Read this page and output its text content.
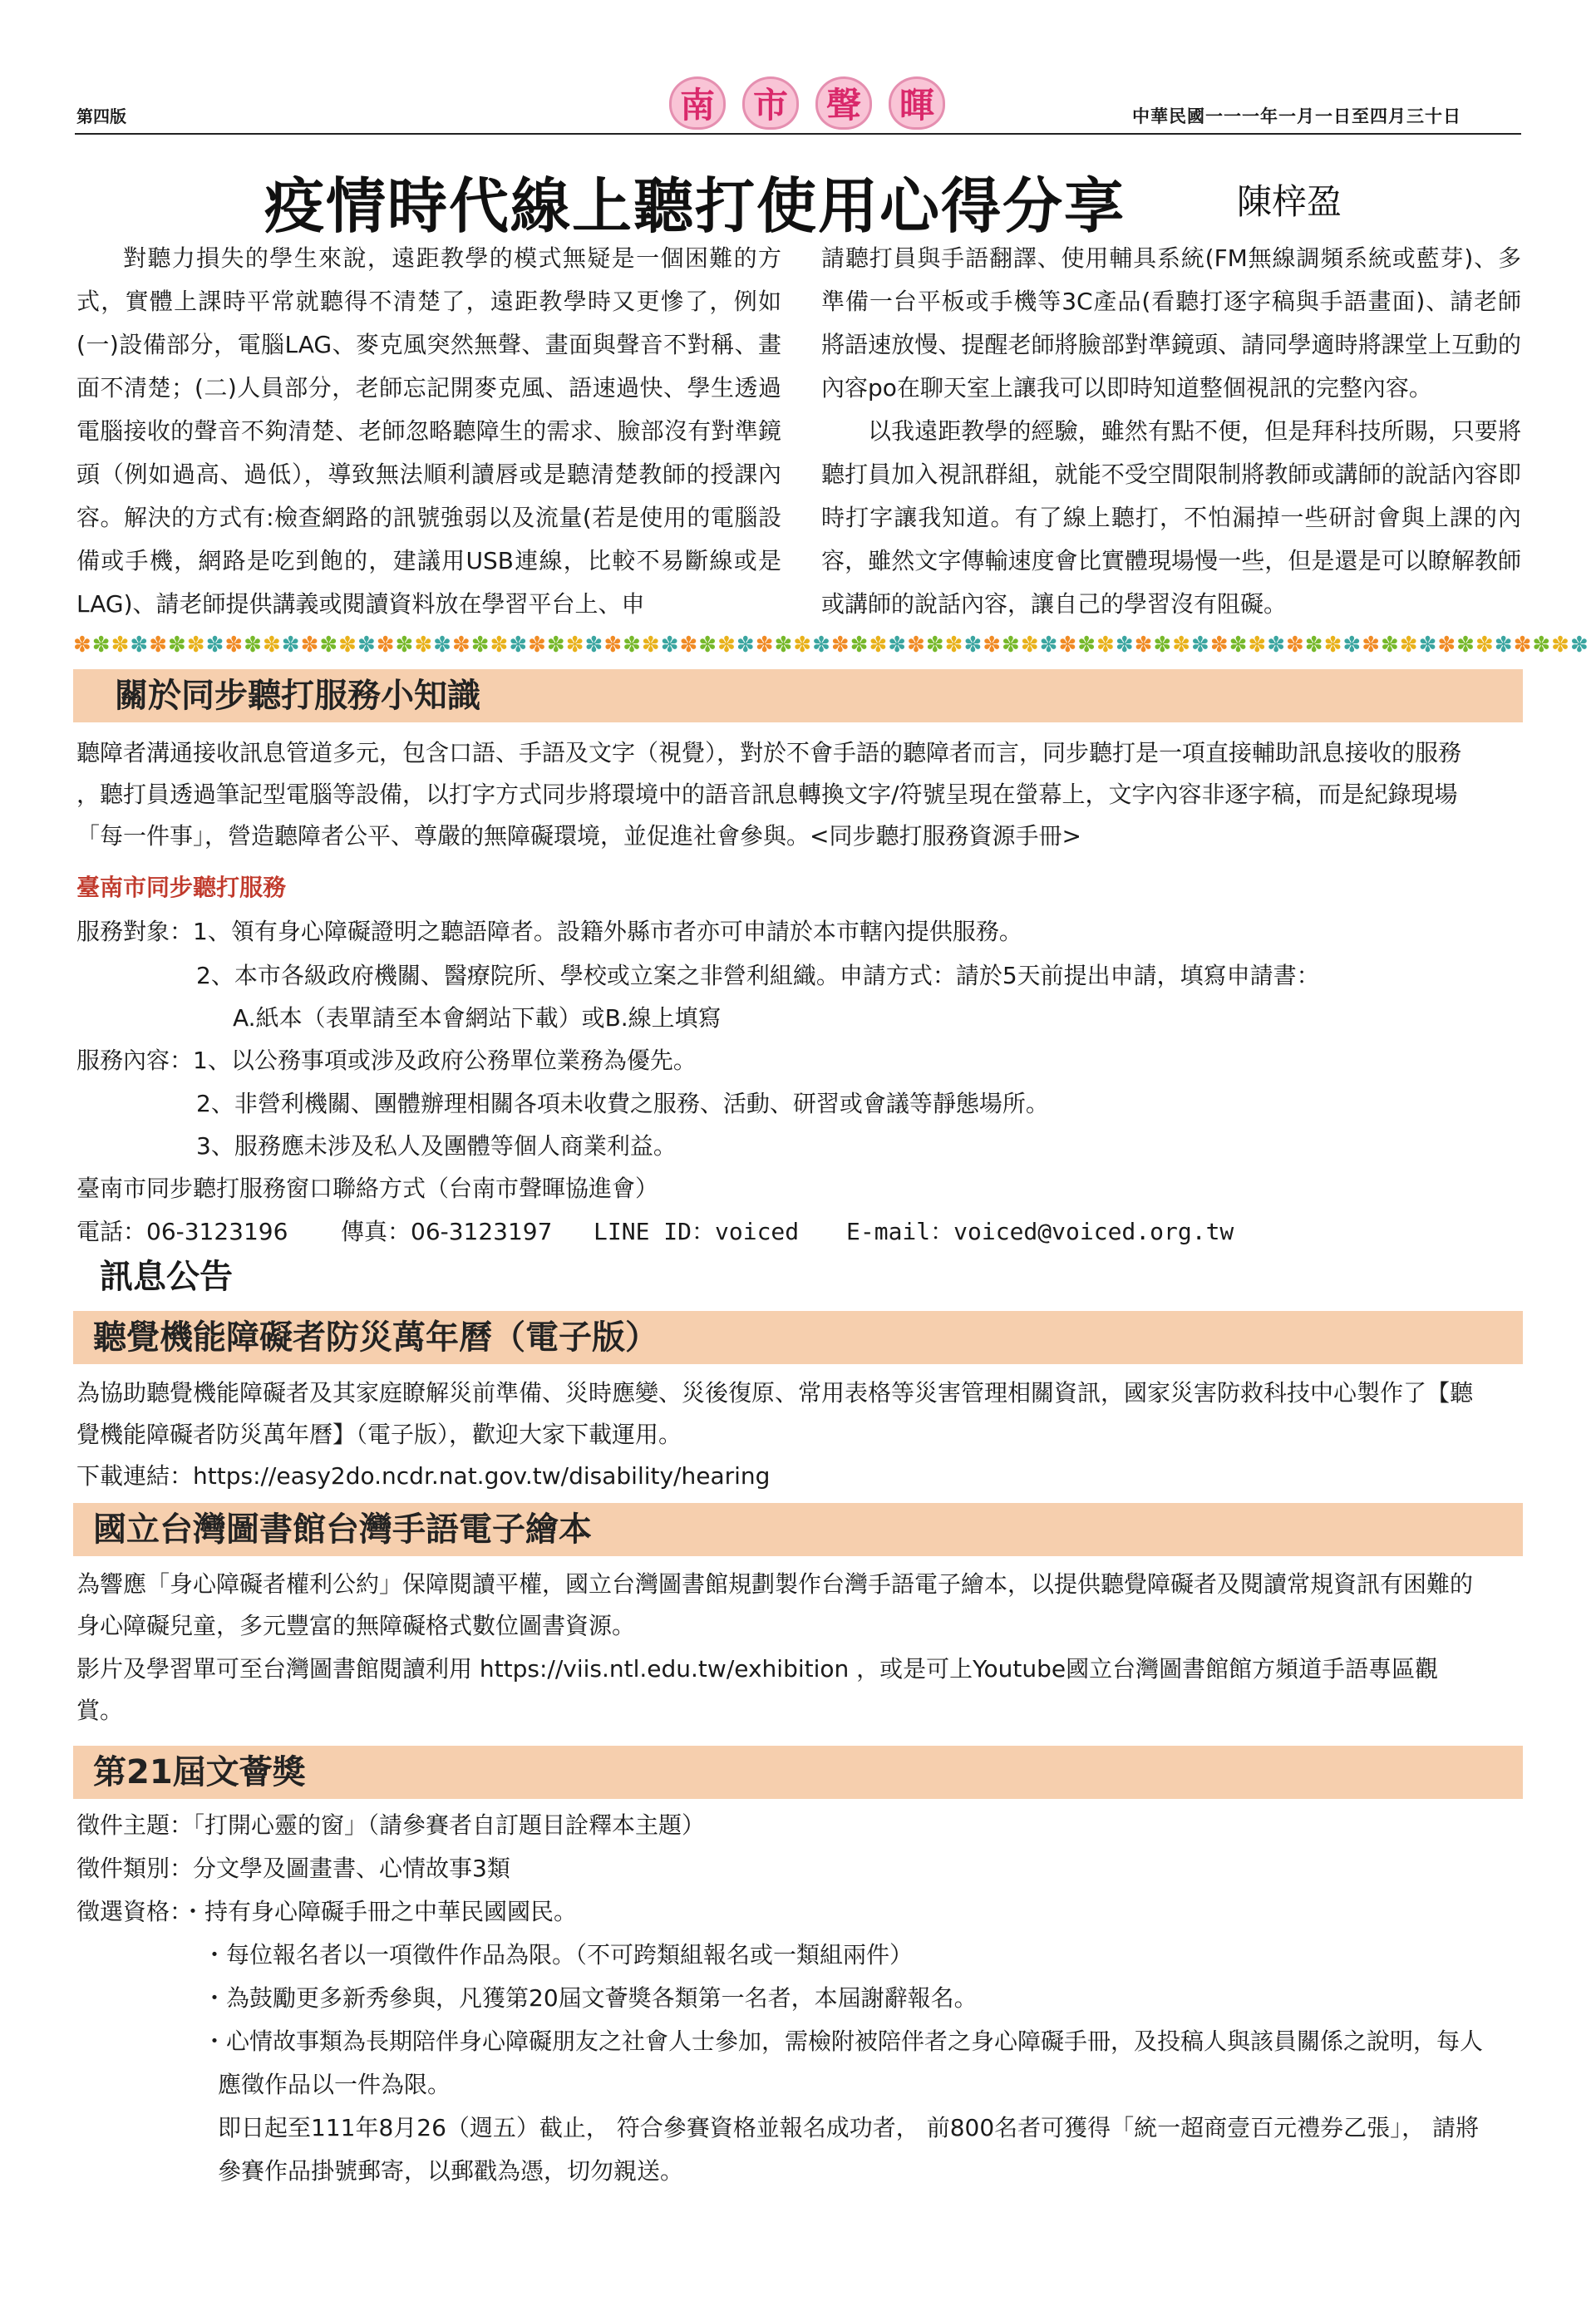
第四版	南	市	聲	暉	中華民國一一一年一月一日至四月三十日
疫情時代線上聽打使用心得分享	陳梓盈

對聽力損失的學生來說，遠距教學的模式無疑是一個困難的方式，實體上課時平常就聽得不清楚了，遠距教學時又更慘了，例如(一)設備部分，電腦LAG、麥克風突然無聲、畫面與聲音不對稱、畫面不清楚；(二)人員部分，老師忘記開麥克風、語速過快、學生透過電腦接收的聲音不夠清楚、老師忽略聽障生的需求、臉部沒有對準鏡頭（例如過高、過低），導致無法順利讀唇或是聽清楚教師的授課內容。解決的方式有:檢查網路的訊號強弱以及流量(若是使用的電腦設備或手機，網路是吃到飽的，建議用USB連線，比較不易斷線或是LAG)、請老師提供講義或閱讀資料放在學習平台上、申

請聽打員與手語翻譯、使用輔具系統(FM無線調頻系統或藍芽)、多準備一台平板或手機等3C產品(看聽打逐字稿與手語畫面)、請老師將語速放慢、提醒老師將臉部對準鏡頭、請同學適時將課堂上互動的內容po在聊天室上讓我可以即時知道整個視訊的完整內容。

以我遠距教學的經驗，雖然有點不便，但是拜科技所賜，只要將聽打員加入視訊群組，就能不受空間限制將教師或講師的說話內容即時打字讓我知道。有了線上聽打，不怕漏掉一些研討會與上課的內容，雖然文字傳輸速度會比實體現場慢一些，但是還是可以瞭解教師或講師的說話內容，讓自己的學習沒有阻礙。

✽✽✽✽✽✽✽✽✽✽✽✽✽✽✽✽✽✽✽✽✽✽✽✽✽✽✽✽✽✽✽✽✽✽✽✽✽✽✽✽✽✽✽✽✽✽✽✽✽✽✽✽✽✽✽✽✽✽✽✽✽✽✽✽✽✽✽✽✽✽✽✽✽✽✽✽✽✽✽✽
關於同步聽打服務小知識
聽障者溝通接收訊息管道多元，包含口語、手語及文字（視覺），對於不會手語的聽障者而言，同步聽打是一項直接輔助訊息接收的服務
，聽打員透過筆記型電腦等設備，以打字方式同步將環境中的語音訊息轉換文字/符號呈現在螢幕上，文字內容非逐字稿，而是紀錄現場
「每一件事」，營造聽障者公平、尊嚴的無障礙環境，並促進社會參與。<同步聽打服務資源手冊>
臺南市同步聽打服務
服務對象：1、領有身心障礙證明之聽語障者。設籍外縣市者亦可申請於本市轄內提供服務。
2、本市各級政府機關、醫療院所、學校或立案之非營利組織。申請方式：請於5天前提出申請，填寫申請書：
A.紙本（表單請至本會網站下載）或B.線上填寫
服務內容：1、以公務事項或涉及政府公務單位業務為優先。
2、非營利機關、團體辦理相關各項未收費之服務、活動、研習或會議等靜態場所。
3、服務應未涉及私人及團體等個人商業利益。
臺南市同步聽打服務窗口聯絡方式（台南市聲暉協進會）
電話：06-3123196 傳真：06-3123197 LINE ID：voiced E-mail：voiced@voiced.org.tw
訊息公告
聽覺機能障礙者防災萬年曆（電子版）
為協助聽覺機能障礙者及其家庭瞭解災前準備、災時應變、災後復原、常用表格等災害管理相關資訊，國家災害防救科技中心製作了【聽
覺機能障礙者防災萬年曆】（電子版），歡迎大家下載運用。
下載連結：https://easy2do.ncdr.nat.gov.tw/disability/hearing
國立台灣圖書館台灣手語電子繪本
為響應「身心障礙者權利公約」保障閱讀平權，國立台灣圖書館規劃製作台灣手語電子繪本，以提供聽覺障礙者及閱讀常規資訊有困難的
身心障礙兒童，多元豐富的無障礙格式數位圖書資源。
影片及學習單可至台灣圖書館閱讀利用 https://viis.ntl.edu.tw/exhibition ，或是可上Youtube國立台灣圖書館館方頻道手語專區觀
賞。
第21屆文薈獎
徵件主題：「打開心靈的窗」（請參賽者自訂題目詮釋本主題）
徵件類別：分文學及圖畫書、心情故事3類
徵選資格：・持有身心障礙手冊之中華民國國民。
・每位報名者以一項徵件作品為限。（不可跨類組報名或一類組兩件）
・為鼓勵更多新秀參與，凡獲第20屆文薈獎各類第一名者，本屆謝辭報名。
・心情故事類為長期陪伴身心障礙朋友之社會人士參加，需檢附被陪伴者之身心障礙手冊，及投稿人與該員關係之說明，每人
應徵作品以一件為限。
即日起至111年8月26（週五）截止， 符合參賽資格並報名成功者， 前800名者可獲得「統一超商壹百元禮券乙張」， 請將
參賽作品掛號郵寄，以郵戳為憑，切勿親送。
